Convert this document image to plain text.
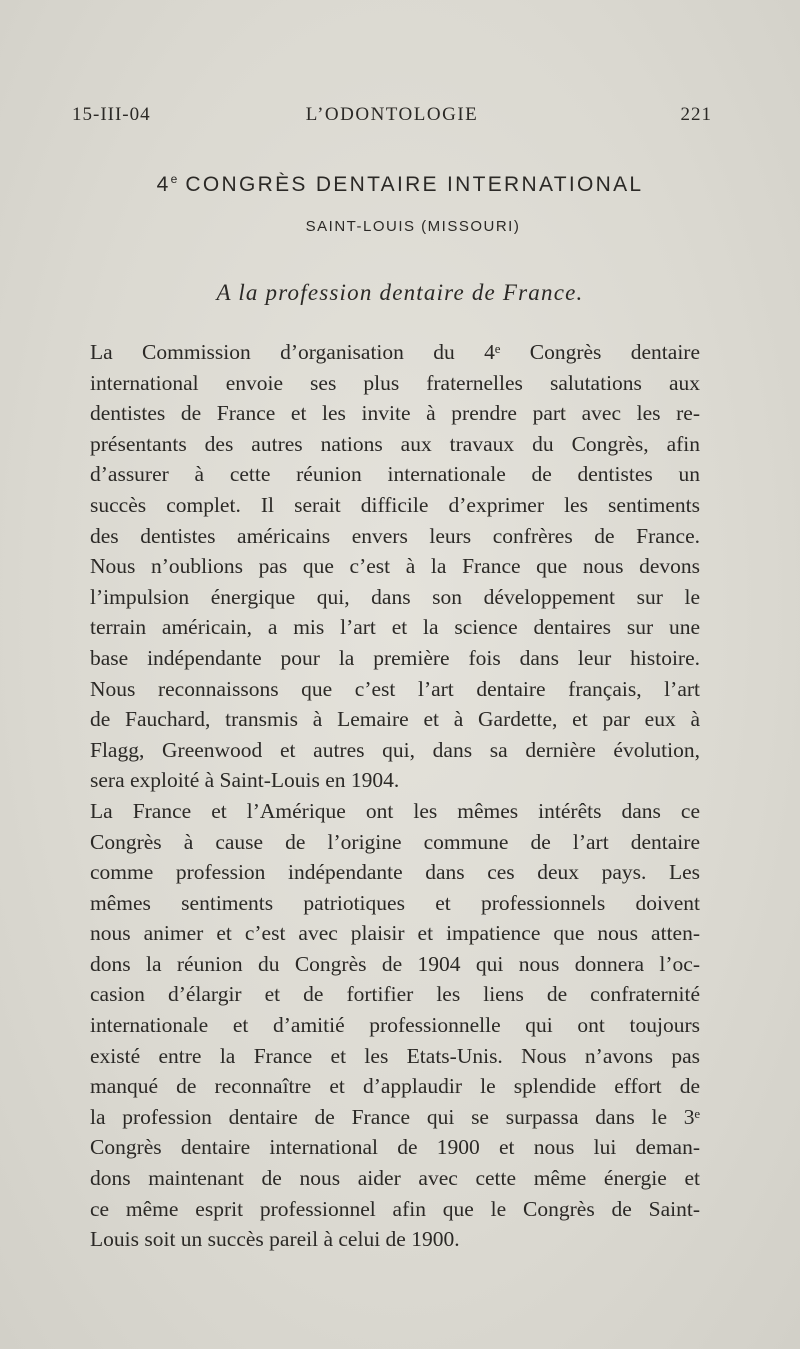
15-III-04	L’ODONTOLOGIE	221
4e CONGRÈS DENTAIRE INTERNATIONAL
SAINT-LOUIS (MISSOURI)
A la profession dentaire de France.

La Commission d’organisation du 4ᵉ Congrès dentaire
international envoie ses plus fraternelles salutations aux
dentistes de France et les invite à prendre part avec les re-
présentants des autres nations aux travaux du Congrès, afin
d’assurer à cette réunion internationale de dentistes un
succès complet. Il serait difficile d’exprimer les sentiments
des dentistes américains envers leurs confrères de France.
Nous n’oublions pas que c’est à la France que nous devons
l’impulsion énergique qui, dans son développement sur le
terrain américain, a mis l’art et la science dentaires sur une
base indépendante pour la première fois dans leur histoire.
Nous reconnaissons que c’est l’art dentaire français, l’art
de Fauchard, transmis à Lemaire et à Gardette, et par eux à
Flagg, Greenwood et autres qui, dans sa dernière évolution,
sera exploité à Saint-Louis en 1904.

La France et l’Amérique ont les mêmes intérêts dans ce
Congrès à cause de l’origine commune de l’art dentaire
comme profession indépendante dans ces deux pays. Les
mêmes sentiments patriotiques et professionnels doivent
nous animer et c’est avec plaisir et impatience que nous atten-
dons la réunion du Congrès de 1904 qui nous donnera l’oc-
casion d’élargir et de fortifier les liens de confraternité
internationale et d’amitié professionnelle qui ont toujours
existé entre la France et les Etats-Unis. Nous n’avons pas
manqué de reconnaître et d’applaudir le splendide effort de
la profession dentaire de France qui se surpassa dans le 3ᵉ
Congrès dentaire international de 1900 et nous lui deman-
dons maintenant de nous aider avec cette même énergie et
ce même esprit professionnel afin que le Congrès de Saint-
Louis soit un succès pareil à celui de 1900.
